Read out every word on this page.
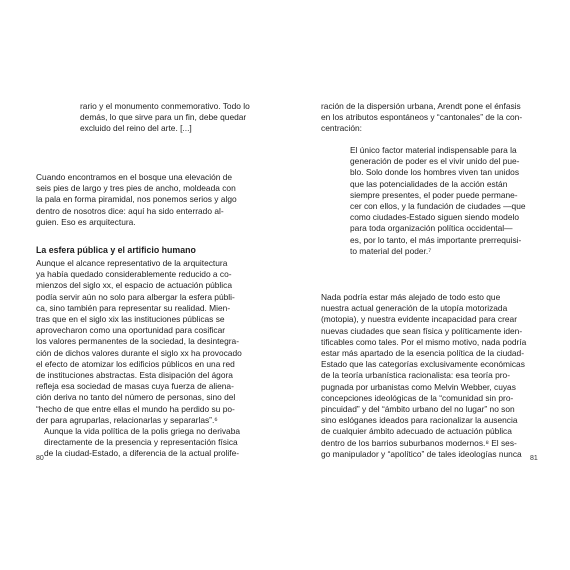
rario y el monumento conmemorativo. Todo lo
demás, lo que sirve para un fin, debe quedar
excluido del reino del arte. [...]
Cuando encontramos en el bosque una elevación de
seis pies de largo y tres pies de ancho, moldeada con
la pala en forma piramidal, nos ponemos serios y algo
dentro de nosotros dice: aquí ha sido enterrado al-
guien. Eso es arquitectura.
La esfera pública y el artificio humano
Aunque el alcance representativo de la arquitectura
ya había quedado considerablemente reducido a co-
mienzos del siglo xx, el espacio de actuación pública
podía servir aún no solo para albergar la esfera públi-
ca, sino también para representar su realidad. Mien-
tras que en el siglo xix las instituciones públicas se
aprovecharon como una oportunidad para cosificar
los valores permanentes de la sociedad, la desintegra-
ción de dichos valores durante el siglo xx ha provocado
el efecto de atomizar los edificios públicos en una red
de instituciones abstractas. Esta disipación del ágora
refleja esa sociedad de masas cuya fuerza de aliena-
ción deriva no tanto del número de personas, sino del
“hecho de que entre ellas el mundo ha perdido su po-
der para agruparlas, relacionarlas y separarlas”.⁶
Aunque la vida política de la polis griega no derivaba
directamente de la presencia y representación física
de la ciudad-Estado, a diferencia de la actual prolife-
80
ración de la dispersión urbana, Arendt pone el énfasis
en los atributos espontáneos y “cantonales” de la con-
centración:
El único factor material indispensable para la
generación de poder es el vivir unido del pue-
blo. Solo donde los hombres viven tan unidos
que las potencialidades de la acción están
siempre presentes, el poder puede permane-
cer con ellos, y la fundación de ciudades —que
como ciudades-Estado siguen siendo modelo
para toda organización política occidental—
es, por lo tanto, el más importante prerrequisi-
to material del poder.⁷
Nada podría estar más alejado de todo esto que
nuestra actual generación de la utopía motorizada
(motopia), y nuestra evidente incapacidad para crear
nuevas ciudades que sean física y políticamente iden-
tificables como tales. Por el mismo motivo, nada podría
estar más apartado de la esencia política de la ciudad-
Estado que las categorías exclusivamente económicas
de la teoría urbanística racionalista: esa teoría pro-
pugnada por urbanistas como Melvin Webber, cuyas
concepciones ideológicas de la “comunidad sin pro-
pincuidad” y del “ámbito urbano del no lugar” no son
sino eslóganes ideados para racionalizar la ausencia
de cualquier ámbito adecuado de actuación pública
dentro de los barrios suburbanos modernos.⁸ El ses-
go manipulador y “apolítico” de tales ideologías nunca	81
